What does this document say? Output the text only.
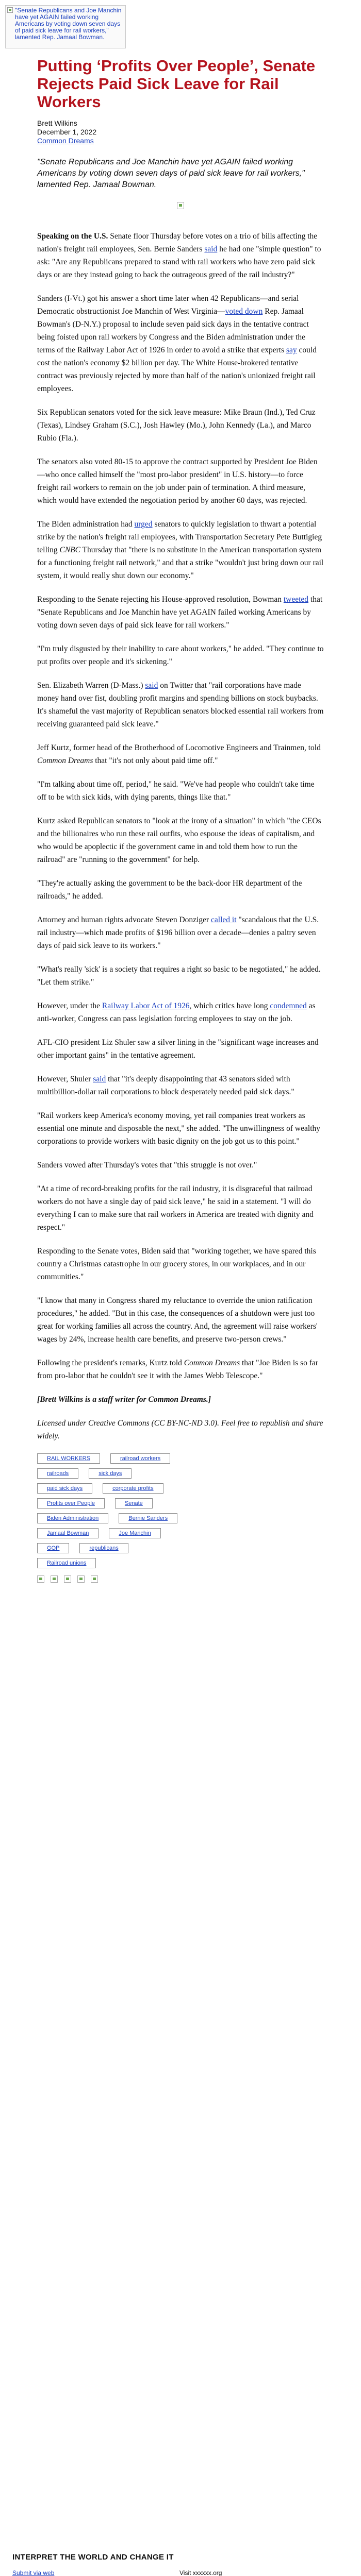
"Senate Republicans and Joe Manchin have yet AGAIN failed working Americans by voting down seven days of paid sick leave for rail workers," lamented Rep. Jamaal Bowman.
Putting ‘Profits Over People’, Senate Rejects Paid Sick Leave for Rail Workers
Brett Wilkins
December 1, 2022
Common Dreams
"Senate Republicans and Joe Manchin have yet AGAIN failed working Americans by voting down seven days of paid sick leave for rail workers," lamented Rep. Jamaal Bowman.

Speaking on the U.S. Senate floor Thursday before votes on a trio of bills affecting the nation's freight rail employees, Sen. Bernie Sanders said he had one "simple question" to ask: "Are any Republicans prepared to stand with rail workers who have zero paid sick days or are they instead going to back the outrageous greed of the rail industry?"

Sanders (I-Vt.) got his answer a short time later when 42 Republicans—and serial Democratic obstructionist Joe Manchin of West Virginia—voted down Rep. Jamaal Bowman's (D-N.Y.) proposal to include seven paid sick days in the tentative contract being foisted upon rail workers by Congress and the Biden administration under the terms of the Railway Labor Act of 1926 in order to avoid a strike that experts say could cost the nation's economy $2 billion per day. The White House-brokered tentative contract was previously rejected by more than half of the nation's unionized freight rail employees.

Six Republican senators voted for the sick leave measure: Mike Braun (Ind.), Ted Cruz (Texas), Lindsey Graham (S.C.), Josh Hawley (Mo.), John Kennedy (La.), and Marco Rubio (Fla.).

The senators also voted 80-15 to approve the contract supported by President Joe Biden—who once called himself the "most pro-labor president" in U.S. history—to force freight rail workers to remain on the job under pain of termination. A third measure, which would have extended the negotiation period by another 60 days, was rejected.

The Biden administration had urged senators to quickly legislation to thwart a potential strike by the nation's freight rail employees, with Transportation Secretary Pete Buttigieg telling CNBC Thursday that "there is no substitute in the American transportation system for a functioning freight rail network," and that a strike "wouldn't just bring down our rail system, it would really shut down our economy."

Responding to the Senate rejecting his House-approved resolution, Bowman tweeted that "Senate Republicans and Joe Manchin have yet AGAIN failed working Americans by voting down seven days of paid sick leave for rail workers."

"I'm truly disgusted by their inability to care about workers," he added. "They continue to put profits over people and it's sickening."

Sen. Elizabeth Warren (D-Mass.) said on Twitter that "rail corporations have made money hand over fist, doubling profit margins and spending billions on stock buybacks. It's shameful the vast majority of Republican senators blocked essential rail workers from receiving guaranteed paid sick leave."

Jeff Kurtz, former head of the Brotherhood of Locomotive Engineers and Trainmen, told Common Dreams that "it's not only about paid time off."

"I'm talking about time off, period," he said. "We've had people who couldn't take time off to be with sick kids, with dying parents, things like that."

Kurtz asked Republican senators to "look at the irony of a situation" in which "the CEOs and the billionaires who run these rail outfits, who espouse the ideas of capitalism, and who would be apoplectic if the government came in and told them how to run the railroad" are "running to the government" for help.

"They're actually asking the government to be the back-door HR department of the railroads," he added.

Attorney and human rights advocate Steven Donziger called it "scandalous that the U.S. rail industry—which made profits of $196 billion over a decade—denies a paltry seven days of paid sick leave to its workers."

"What's really 'sick' is a society that requires a right so basic to be negotiated," he added. "Let them strike."

However, under the Railway Labor Act of 1926, which critics have long condemned as anti-worker, Congress can pass legislation forcing employees to stay on the job.

AFL-CIO president Liz Shuler saw a silver lining in the "significant wage increases and other important gains" in the tentative agreement.

However, Shuler said that "it's deeply disappointing that 43 senators sided with multibillion-dollar rail corporations to block desperately needed paid sick days."

"Rail workers keep America's economy moving, yet rail companies treat workers as essential one minute and disposable the next," she added. "The unwillingness of wealthy corporations to provide workers with basic dignity on the job got us to this point."

Sanders vowed after Thursday's votes that "this struggle is not over."

"At a time of record-breaking profits for the rail industry, it is disgraceful that railroad workers do not have a single day of paid sick leave," he said in a statement. "I will do everything I can to make sure that rail workers in America are treated with dignity and respect."

Responding to the Senate votes, Biden said that "working together, we have spared this country a Christmas catastrophe in our grocery stores, in our workplaces, and in our communities."

"I know that many in Congress shared my reluctance to override the union ratification procedures," he added. "But in this case, the consequences of a shutdown were just too great for working families all across the country. And, the agreement will raise workers' wages by 24%, increase health care benefits, and preserve two-person crews."

Following the president's remarks, Kurtz told Common Dreams that "Joe Biden is so far from pro-labor that he couldn't see it with the James Webb Telescope."

[Brett Wilkins is a staff writer for Common Dreams.]

Licensed under Creative Commons (CC BY-NC-ND 3.0). Feel free to republish and share widely.

RAIL WORKERS	railroad workers
railroads	sick days
paid sick days	corporate profits
Profits over People	Senate
Biden Administration	Bernie Sanders
Jamaal Bowman	Joe Manchin
GOP	republicans
Railroad unions
INTERPRET THE WORLD AND CHANGE IT
Submit via web	Visit xxxxxx.org
